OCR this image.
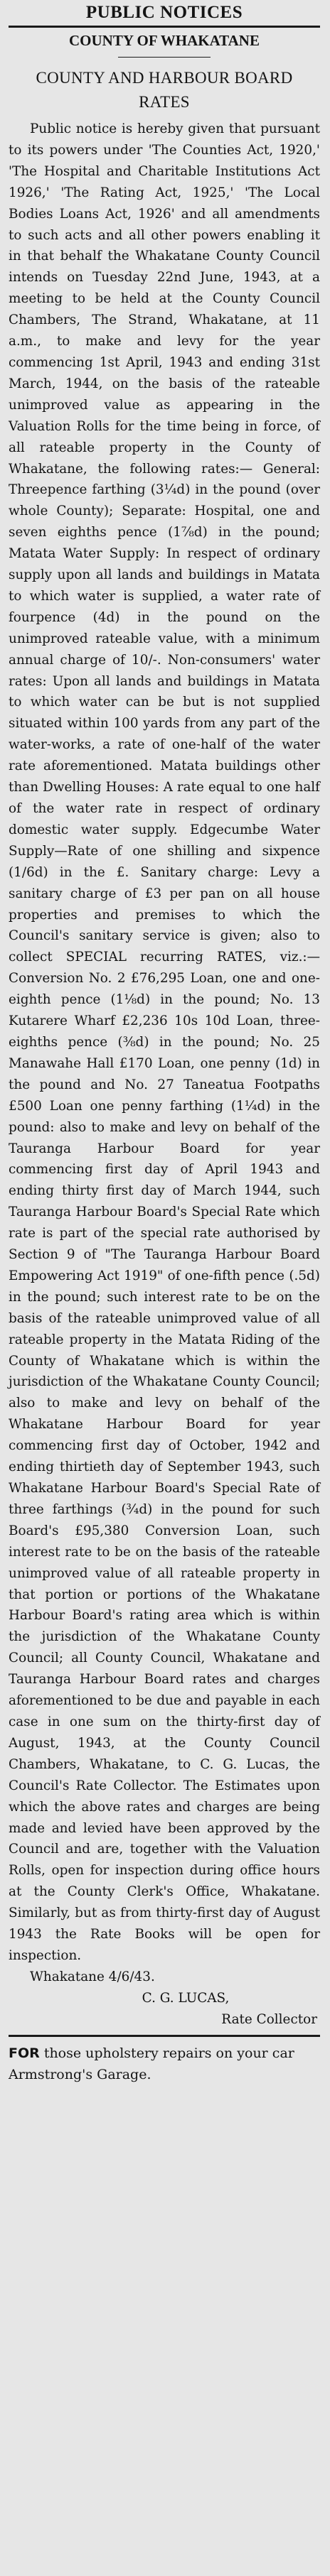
PUBLIC NOTICES
COUNTY OF WHAKATANE
COUNTY AND HARBOUR BOARD RATES

Public notice is hereby given that pursuant to its powers under 'The Counties Act, 1920,' 'The Hospital and Charitable Institutions Act 1926,' 'The Rating Act, 1925,' 'The Local Bodies Loans Act, 1926' and all amendments to such acts and all other powers enabling it in that behalf the Whakatane County Council intends on Tuesday 22nd June, 1943, at a meeting to be held at the County Council Chambers, The Strand, Whakatane, at 11 a.m., to make and levy for the year commencing 1st April, 1943 and ending 31st March, 1944, on the basis of the rateable unimproved value as appearing in the Valuation Rolls for the time being in force, of all rateable property in the County of Whakatane, the following rates:— General: Threepence farthing (3¼d) in the pound (over whole County); Separate: Hospital, one and seven eighths pence (1⅞d) in the pound; Matata Water Supply: In respect of ordinary supply upon all lands and buildings in Matata to which water is supplied, a water rate of fourpence (4d) in the pound on the unimproved rateable value, with a minimum annual charge of 10/-. Non-consumers' water rates: Upon all lands and buildings in Matata to which water can be but is not supplied situated within 100 yards from any part of the water-works, a rate of one-half of the water rate aforementioned. Matata buildings other than Dwelling Houses: A rate equal to one half of the water rate in respect of ordinary domestic water supply. Edgecumbe Water Supply—Rate of one shilling and sixpence (1/6d) in the £. Sanitary charge: Levy a sanitary charge of £3 per pan on all house properties and premises to which the Council's sanitary service is given; also to collect SPECIAL recurring RATES, viz.:— Conversion No. 2 £76,295 Loan, one and one-eighth pence (1⅛d) in the pound; No. 13 Kutarere Wharf £2,236 10s 10d Loan, three-eighths pence (⅜d) in the pound; No. 25 Manawahe Hall £170 Loan, one penny (1d) in the pound and No. 27 Taneatua Footpaths £500 Loan one penny farthing (1¼d) in the pound: also to make and levy on behalf of the Tauranga Harbour Board for year commencing first day of April 1943 and ending thirty first day of March 1944, such Tauranga Harbour Board's Special Rate which rate is part of the special rate authorised by Section 9 of "The Tauranga Harbour Board Empowering Act 1919" of one-fifth pence (.5d) in the pound; such interest rate to be on the basis of the rateable unimproved value of all rateable property in the Matata Riding of the County of Whakatane which is within the jurisdiction of the Whakatane County Council; also to make and levy on behalf of the Whakatane Harbour Board for year commencing first day of October, 1942 and ending thirtieth day of September 1943, such Whakatane Harbour Board's Special Rate of three farthings (¾d) in the pound for such Board's £95,380 Conversion Loan, such interest rate to be on the basis of the rateable unimproved value of all rateable property in that portion or portions of the Whakatane Harbour Board's rating area which is within the jurisdiction of the Whakatane County Council; all County Council, Whakatane and Tauranga Harbour Board rates and charges aforementioned to be due and payable in each case in one sum on the thirty-first day of August, 1943, at the County Council Chambers, Whakatane, to C. G. Lucas, the Council's Rate Collector. The Estimates upon which the above rates and charges are being made and levied have been approved by the Council and are, together with the Valuation Rolls, open for inspection during office hours at the County Clerk's Office, Whakatane. Similarly, but as from thirty-first day of August 1943 the Rate Books will be open for inspection.

Whakatane 4/6/43.

C. G. LUCAS,

Rate Collector

FOR those upholstery repairs on your car Armstrong's Garage.
